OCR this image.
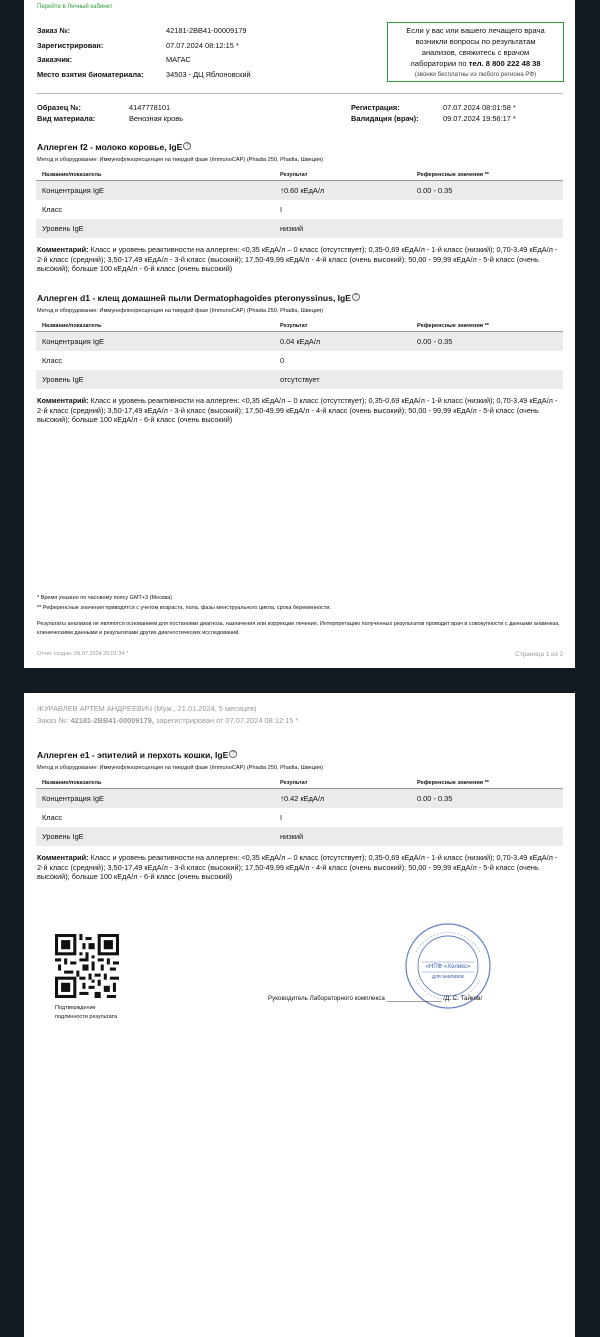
Перейти в Личный кабинет
Заказ №:	42181-2BB41-00009179
Зарегистрирован:	07.07.2024 08:12:15 *
Заказчик:	МАГАС
Место взятия биоматериала:	34503 - ДЦ Яблоновский
Если у вас или вашего лечащего врача
возникли вопросы по результатам
анализов, свяжитесь с врачом
лаборатории по тел. 8 800 222 48 38
(звонки бесплатны из любого региона РФ)
Образец №:	4147778101
Вид материала:	Венозная кровь
Регистрация:	07.07.2024 08:01:58 *
Валидация (врач):	09.07.2024 19:56:17 *
Аллерген f2 - молоко коровье, IgE ?
Метод и оборудование: Иммунофлюоресценция на твердой фазе (ImmunoCAP) (Phadia 250, Phadia, Швеция)
Название/показатель	Результат	Референсные значения **
Концентрация IgE	↑0.60 кЕдА/л	0.00 - 0.35
Класс	I	
Уровень IgE	низкий	
Комментарий: Класс и уровень реактивности на аллерген: <0,35 кЕдА/л – 0 класс (отсутствует); 0,35-0,69 кЕдА/л - 1-й класс (низкий); 0,70-3,49 кЕдА/л - 2-й класс (средний); 3,50-17,49 кЕдА/л - 3-й класс (высокий); 17,50-49,99 кЕдА/л - 4-й класс (очень высокий); 50,00 - 99,99 кЕдА/л - 5-й класс (очень высокий); больше 100 кЕдА/л - 6-й класс (очень высокий)
Аллерген d1 - клещ домашней пыли Dermatophagoides pteronyssinus, IgE ?
Метод и оборудование: Иммунофлюоресценция на твердой фазе (ImmunoCAP) (Phadia 250, Phadia, Швеция)
Название/показатель	Результат	Референсные значения **
Концентрация IgE	0.04 кЕдА/л	0.00 - 0.35
Класс	0	
Уровень IgE	отсутствует	
Комментарий: Класс и уровень реактивности на аллерген: <0,35 кЕдА/л – 0 класс (отсутствует); 0,35-0,69 кЕдА/л - 1-й класс (низкий); 0,70-3,49 кЕдА/л - 2-й класс (средний); 3,50-17,49 кЕдА/л - 3-й класс (высокий); 17,50-49,99 кЕдА/л - 4-й класс (очень высокий); 50,00 - 99,99 кЕдА/л - 5-й класс (очень высокий); больше 100 кЕдА/л - 6-й класс (очень высокий)
* Время указано по часовому поясу GMT+3 (Москва)
** Референсные значения приводятся с учетом возраста, пола, фазы менструального цикла, срока беременности.
Результаты анализов не являются основанием для постановки диагноза, назначения или коррекции лечения. Интерпретацию полученных результатов проводит врач в совокупности с данными анамнеза, клиническими данными и результатами других диагностических исследований.
Отчет создан: 09.07.2024 20:01:34 *	Страница 1 из 2
ЖУРАВЛЕВ АРТЕМ АНДРЕЕВИЧ (Муж., 21.01.2024, 5 месяцев)
Заказ №: 42181-2BB41-00009179, зарегистрирован от 07.07.2024 08:12:15 *
Аллерген e1 - эпителий и перхоть кошки, IgE ?
Метод и оборудование: Иммунофлюоресценция на твердой фазе (ImmunoCAP) (Phadia 250, Phadia, Швеция)
Название/показатель	Результат	Референсные значения **
Концентрация IgE	↑0.42 кЕдА/л	0.00 - 0.35
Класс	I	
Уровень IgE	низкий	
Комментарий: Класс и уровень реактивности на аллерген: <0,35 кЕдА/л – 0 класс (отсутствует); 0,35-0,69 кЕдА/л - 1-й класс (низкий); 0,70-3,49 кЕдА/л - 2-й класс (средний); 3,50-17,49 кЕдА/л - 3-й класс (высокий); 17,50-49,99 кЕдА/л - 4-й класс (очень высокий); 50,00 - 99,99 кЕдА/л - 5-й класс (очень высокий); больше 100 кЕдА/л - 6-й класс (очень высокий)
Подтверждение
подлинности результата
«НПФ «Хеликс»
для анализов
Руководитель Лабораторного комплекса ________________ /Д. С. Тайков/
